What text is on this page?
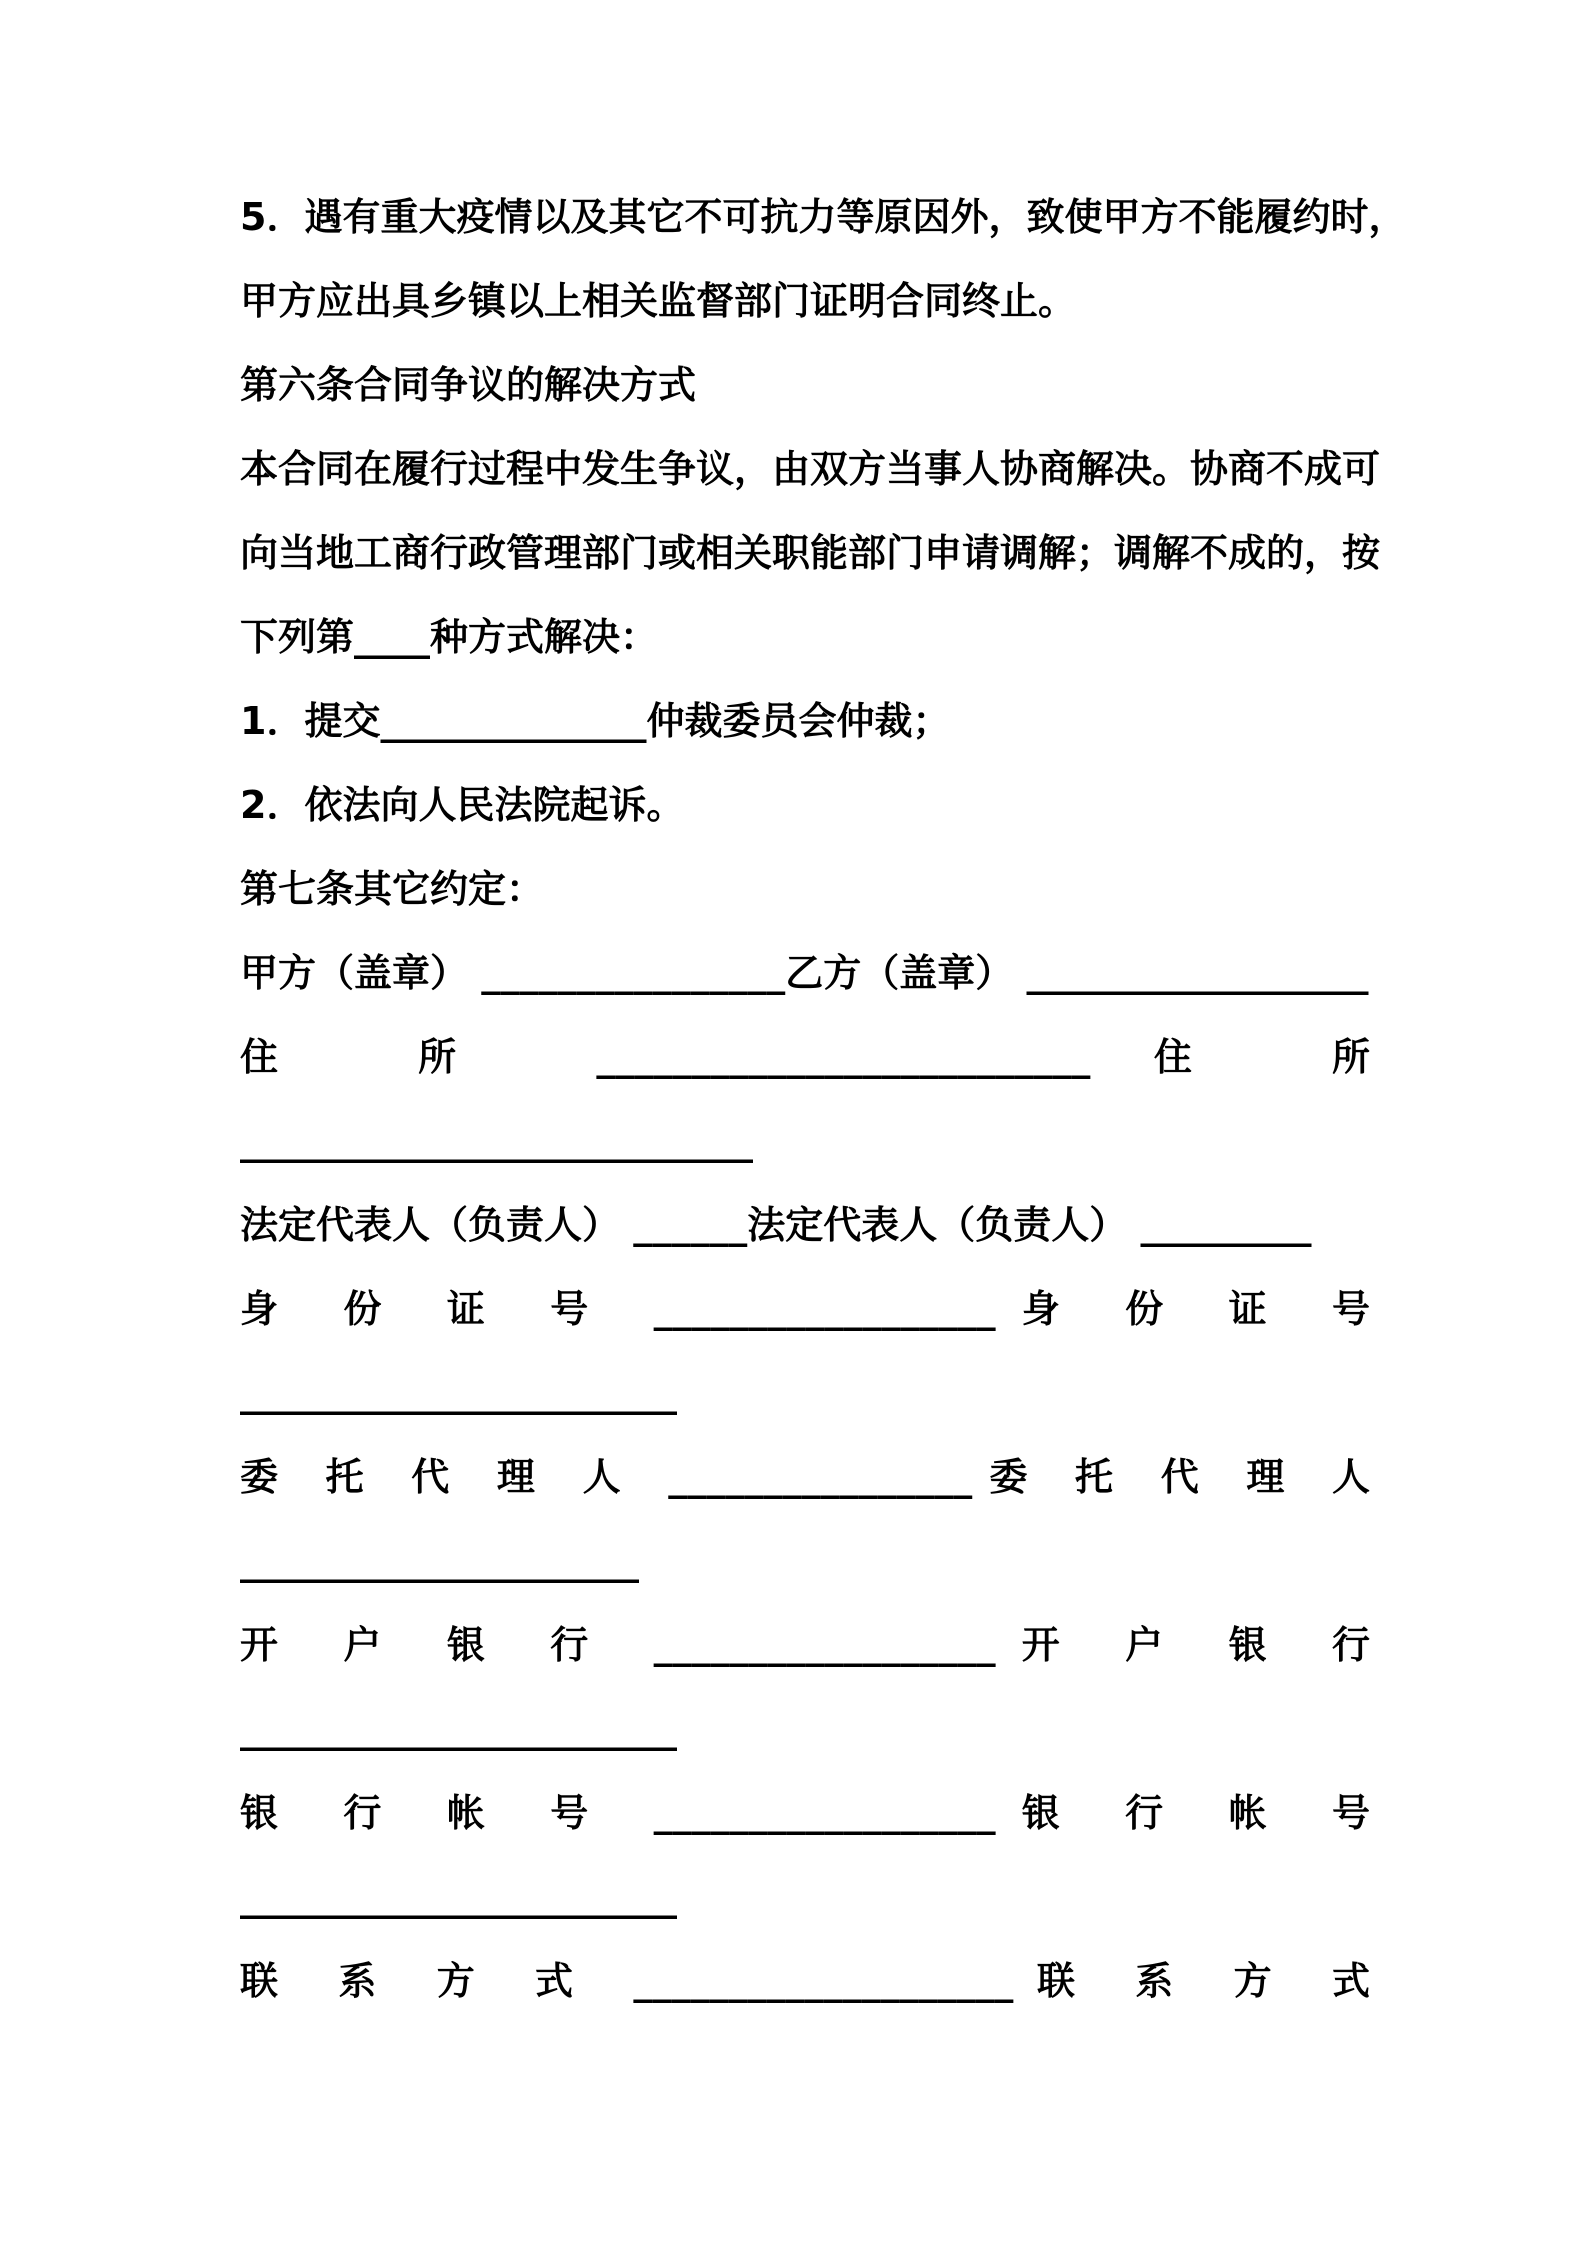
5．遇有重大疫情以及其它不可抗力等原因外，致使甲方不能履约时，
甲方应出具乡镇以上相关监督部门证明合同终止。
第六条合同争议的解决方式
本合同在履行过程中发生争议，由双方当事人协商解决。协商不成可
向当地工商行政管理部门或相关职能部门申请调解；调解不成的，按
下列第____种方式解决：
1．提交______________仲裁委员会仲裁；
2．依法向人民法院起诉。
第七条其它约定：
甲方（盖章） ________________乙方（盖章） __________________
住 所 __________________________住 所
___________________________
法定代表人（负责人） ______法定代表人（负责人） _________
身 份 证 号 __________________身 份 证 号
_______________________
委 托 代 理 人 ________________委 托 代 理 人
_____________________
开 户 银 行 __________________开 户 银 行
_______________________
银 行 帐 号 __________________银 行 帐 号
_______________________
联 系 方 式 ____________________联 系 方 式
